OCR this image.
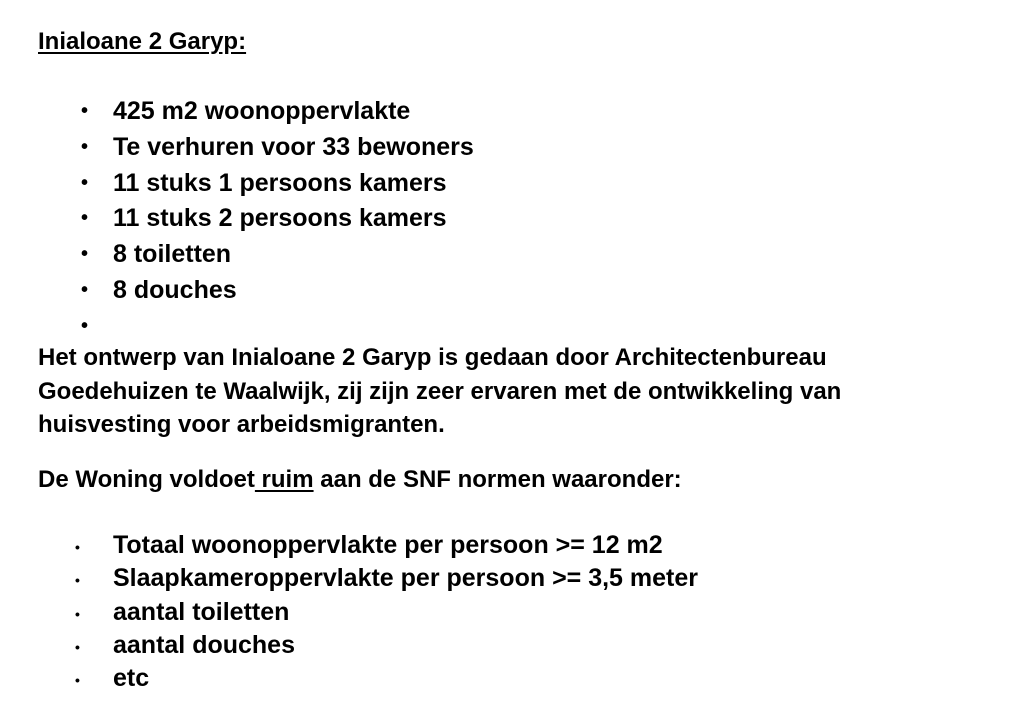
Inialoane 2 Garyp:
• 425 m2 woonoppervlakte
• Te verhuren voor 33 bewoners
• 11 stuks 1 persoons kamers
• 11 stuks 2 persoons kamers
• 8 toiletten
• 8 douches
•

Het ontwerp van Inialoane 2 Garyp is gedaan door Architectenbureau
Goedehuizen te Waalwijk, zij zijn zeer ervaren met de ontwikkeling van
huisvesting voor arbeidsmigranten.

De Woning voldoet ruim aan de SNF normen waaronder:

• Totaal woonoppervlakte per persoon >= 12 m2
• Slaapkameroppervlakte per persoon >= 3,5 meter
• aantal toiletten
• aantal douches
• etc
